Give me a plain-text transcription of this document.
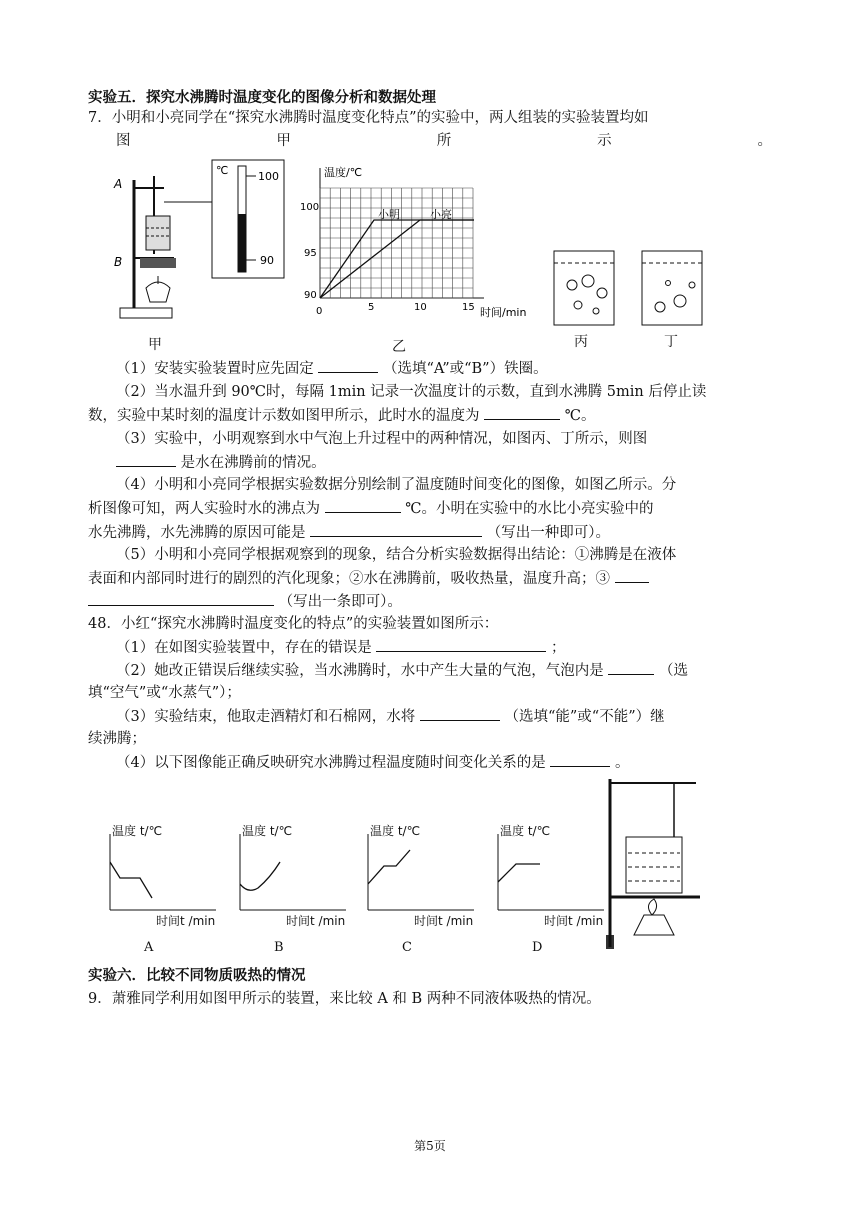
实验五．探究水沸腾时温度变化的图像分析和数据处理
7．小明和小亮同学在“探究水沸腾时温度变化特点”的实验中，两人组装的实验装置均如
图	甲	所	示	。
A
B
℃	100
90
温度/℃
时间/min
100
95
90
0	5	10	15
小明	小亮
甲	乙	丙	丁
（1）安装实验装置时应先固定	（选填“A”或“B”）铁圈。
（2）当水温升到 90℃时，每隔 1min 记录一次温度计的示数，直到水沸腾 5min 后停止读
数，实验中某时刻的温度计示数如图甲所示，此时水的温度为	℃。
（3）实验中，小明观察到水中气泡上升过程中的两种情况，如图丙、丁所示，则图
是水在沸腾前的情况。
（4）小明和小亮同学根据实验数据分别绘制了温度随时间变化的图像，如图乙所示。分
析图像可知，两人实验时水的沸点为	℃。小明在实验中的水比小亮实验中的
水先沸腾，水先沸腾的原因可能是	（写出一种即可）。
（5）小明和小亮同学根据观察到的现象，结合分析实验数据得出结论：①沸腾是在液体
表面和内部同时进行的剧烈的汽化现象；②水在沸腾前，吸收热量，温度升高；③
（写出一条即可）。
48．小红“探究水沸腾时温度变化的特点”的实验装置如图所示：
（1）在如图实验装置中，存在的错误是	；
（2）她改正错误后继续实验，当水沸腾时，水中产生大量的气泡，气泡内是	（选
填“空气”或“水蒸气”）；
（3）实验结束，他取走酒精灯和石棉网，水将	（选填“能”或“不能”）继
续沸腾；
（4）以下图像能正确反映研究水沸腾过程温度随时间变化关系的是	。
温度 t/℃
时间t /min
A
温度 t/℃
时间t /min
B
温度 t/℃
时间t /min
C
温度 t/℃
时间t /min
D
实验六．比较不同物质吸热的情况
9．萧雅同学利用如图甲所示的装置，来比较 A 和 B 两种不同液体吸热的情况。
第5页
